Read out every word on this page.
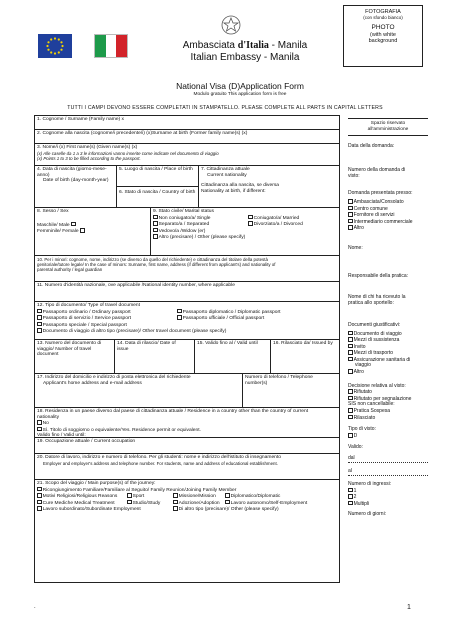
Ambasciata d'Italia - Manila
Italian Embassy - Manila
FOTOGRAFIA
(con sfondo bianco)
PHOTO
(with white
background
National Visa (D)Application Form
Modulo gratuito This application form is free
TUTTI I CAMPI DEVONO ESSERE COMPLETATI IN STAMPATELLO. PLEASE COMPLETE ALL PARTS IN CAPITAL LETTERS
1. Cognome / Surname (Family name) x
2. Cognome alla nascita (cognome/i precedente/i) (x)Surname at birth (Former family name(s) (x)
3. Nome/i (x) First name(s) (Given name(s) (x)
(x) Alle caselle da 1 a 3 le informazioni vanno inserite come indicate nel documento di viaggio
(x) Points 1 to 3 to be filled according to the passport.
4. Data di nascita (giorno-mese-anno)
Date of birth (day-month-year)
5. Luogo di nascita / Place of birth
6. Stato di nascita / Country of birth
7. Cittadinanza attuale
Current nationality
Cittadinanza alla nascita, se diversa
Nationality at birth, if different:
8. Sesso / Sex
Maschile/ Male
Femminile/ Female
9. Stato civile/ Marital status
Non coniugato/a/ Single
Separato/a / Separated
Vedovo/a /Widow (er)
Coniugato/a/ Married
Divorziato/a / Divorced
Altro (precisare) / Other (please specify)
10. Per i minori: cognome, nome, indirizzo (se diverso da quello del richiedente) e cittadinanza del titolare della potestà
genitoriale/tutore legale/ In the case of minors: Surname, first name, address (if different from applicant's) and nationality of
parental authority / legal guardian
11. Numero d'identità nazionale, ove applicabile /National identity number, where applicable
12. Tipo di documento/ Type of travel document
Passaporto ordinario / Ordinary passport
Passaporto di servizio / Service passport
Passaporto speciale / Special passport
Passaporto diplomatico / Diplomatic passport
Passaporto ufficiale / Official passport
Documento di viaggio di altro tipo (precisare)/ Other travel document (please specify)
13. Numero del documento di
viaggio/ Number of travel
document
14. Data di rilascio/ Date of
issue
15. Valido fino al / Valid until	16. Rilasciato da/ Issued by
17. Indirizzo del domicilio e indirizzo di posta elettronica del richiedente
Applicant's home address and e-mail address
Numero di telefono / Telephone
number(s)
18. Residenza in un paese diverso dal paese di cittadinanza attuale / Residence in a country other than the country of current
nationality
No
Sì. Titolo di soggiorno o equivalente/Yes. Residence permit or equivalent.
Valido fino / Valid until:
19. Occupazione attuale / Current occupation
20. Datore di lavoro, indirizzo e numero di telefono. Per gli studenti: nome e indirizzo dell'istituto di insegnamento
Employer and employer's address and telephone number. For students, name and address of educational establishment.
21. Scopo del viaggio / Main purpose(s) of the journey:
Ricongiungimento Familiare/Familiare al Seguito/ Family Reunion/Joining Family Member
Motivi Religiosi/Religious Reasons	Sport	Missione/Mission	Diplomatico/Diplomatic
Cure Mediche Medical Treatment	Studio/Study	Adozione/Adoption	Lavoro autonomo/Self-Employment
Lavoro subordinato/Subordinate Employment	Di altro tipo (precisare)/ Other (please specify)
Spazio riservato
all'amministrazione

Data della domanda:

Numero della domanda di
visto:

Domanda presentata presso:

Ambasciata/Consolato
Centro comune
Fornitore di servizi
Intermediario commerciale
Altro

Nome:

Responsabile della pratica:

Nome di chi ha ricevuto la
pratica allo sportello:

Documenti giustificativi:

Documento di viaggio
Mezzi di sussistenza
Invito
Mezzi di trasporto
Assicurazione sanitaria di
viaggio
Altro

Decisione relativa al visto:

Rifiutato
Rifiutato per segnalazione
SIS non cancellabile:
Pratica Sospesa
Rilasciato

Tipo di visto:

D

Valido:

dal

al

Numero di ingressi:

1
2
Multipli

Numero di giorni:

.	1
